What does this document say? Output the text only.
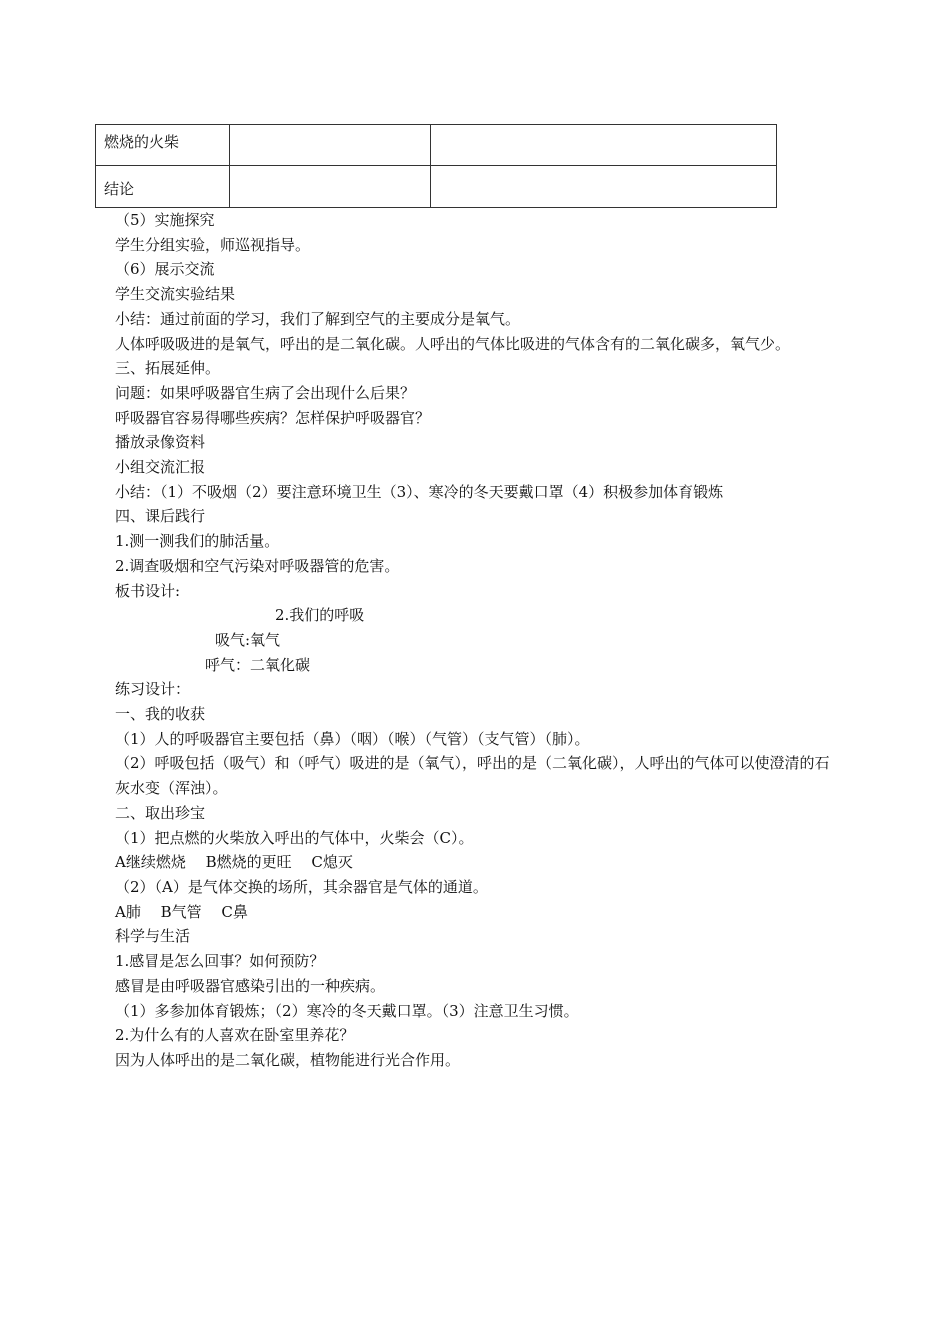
燃烧的火柴		
结论		
（5）实施探究
学生分组实验，师巡视指导。
（6）展示交流
学生交流实验结果
小结：通过前面的学习，我们了解到空气的主要成分是氧气。
人体呼吸吸进的是氧气，呼出的是二氧化碳。人呼出的气体比吸进的气体含有的二氧化碳多，氧气少。
三、拓展延伸。
问题：如果呼吸器官生病了会出现什么后果？
呼吸器官容易得哪些疾病？怎样保护呼吸器官？
播放录像资料
小组交流汇报
小结：（1）不吸烟（2）要注意环境卫生（3）、寒冷的冬天要戴口罩（4）积极参加体育锻炼
四、课后践行
1.测一测我们的肺活量。
2.调查吸烟和空气污染对呼吸器管的危害。
板书设计:
2.我们的呼吸
吸气:氧气
呼气：二氧化碳
练习设计：
一、我的收获
（1）人的呼吸器官主要包括（鼻）（咽）（喉）（气管）（支气管）（肺）。
（2）呼吸包括（吸气）和（呼气）吸进的是（氧气），呼出的是（二氧化碳），人呼出的气体可以使澄清的石灰水变（浑浊）。
二、取出珍宝
（1）把点燃的火柴放入呼出的气体中，火柴会（C）。
A继续燃烧　 B燃烧的更旺　 C熄灭
（2）（A）是气体交换的场所，其余器官是气体的通道。
A肺　 B气管　 C鼻
科学与生活
1.感冒是怎么回事？如何预防？
感冒是由呼吸器官感染引出的一种疾病。
（1）多参加体育锻炼；（2）寒冷的冬天戴口罩。（3）注意卫生习惯。
2.为什么有的人喜欢在卧室里养花？
因为人体呼出的是二氧化碳，植物能进行光合作用。
